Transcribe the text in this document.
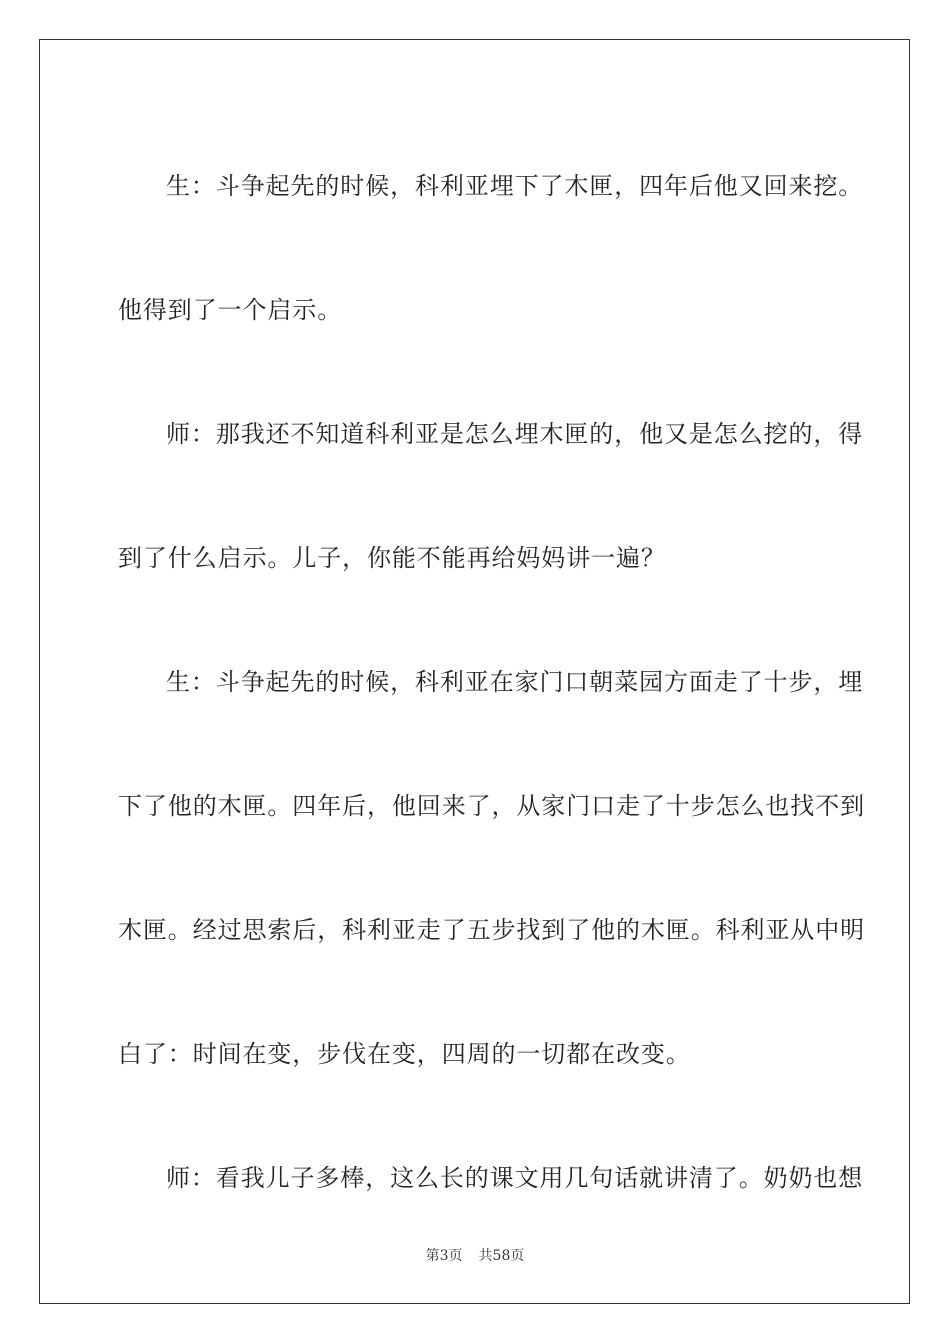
生：斗争起先的时候，科利亚埋下了木匣，四年后他又回来挖。
他得到了一个启示。

师：那我还不知道科利亚是怎么埋木匣的，他又是怎么挖的，得
到了什么启示。儿子，你能不能再给妈妈讲一遍？

生：斗争起先的时候，科利亚在家门口朝菜园方面走了十步，埋
下了他的木匣。四年后，他回来了，从家门口走了十步怎么也找不到
木匣。经过思索后，科利亚走了五步找到了他的木匣。科利亚从中明
白了：时间在变，步伐在变，四周的一切都在改变。

师：看我儿子多棒，这么长的课文用几句话就讲清了。奶奶也想

第3页 共58页
